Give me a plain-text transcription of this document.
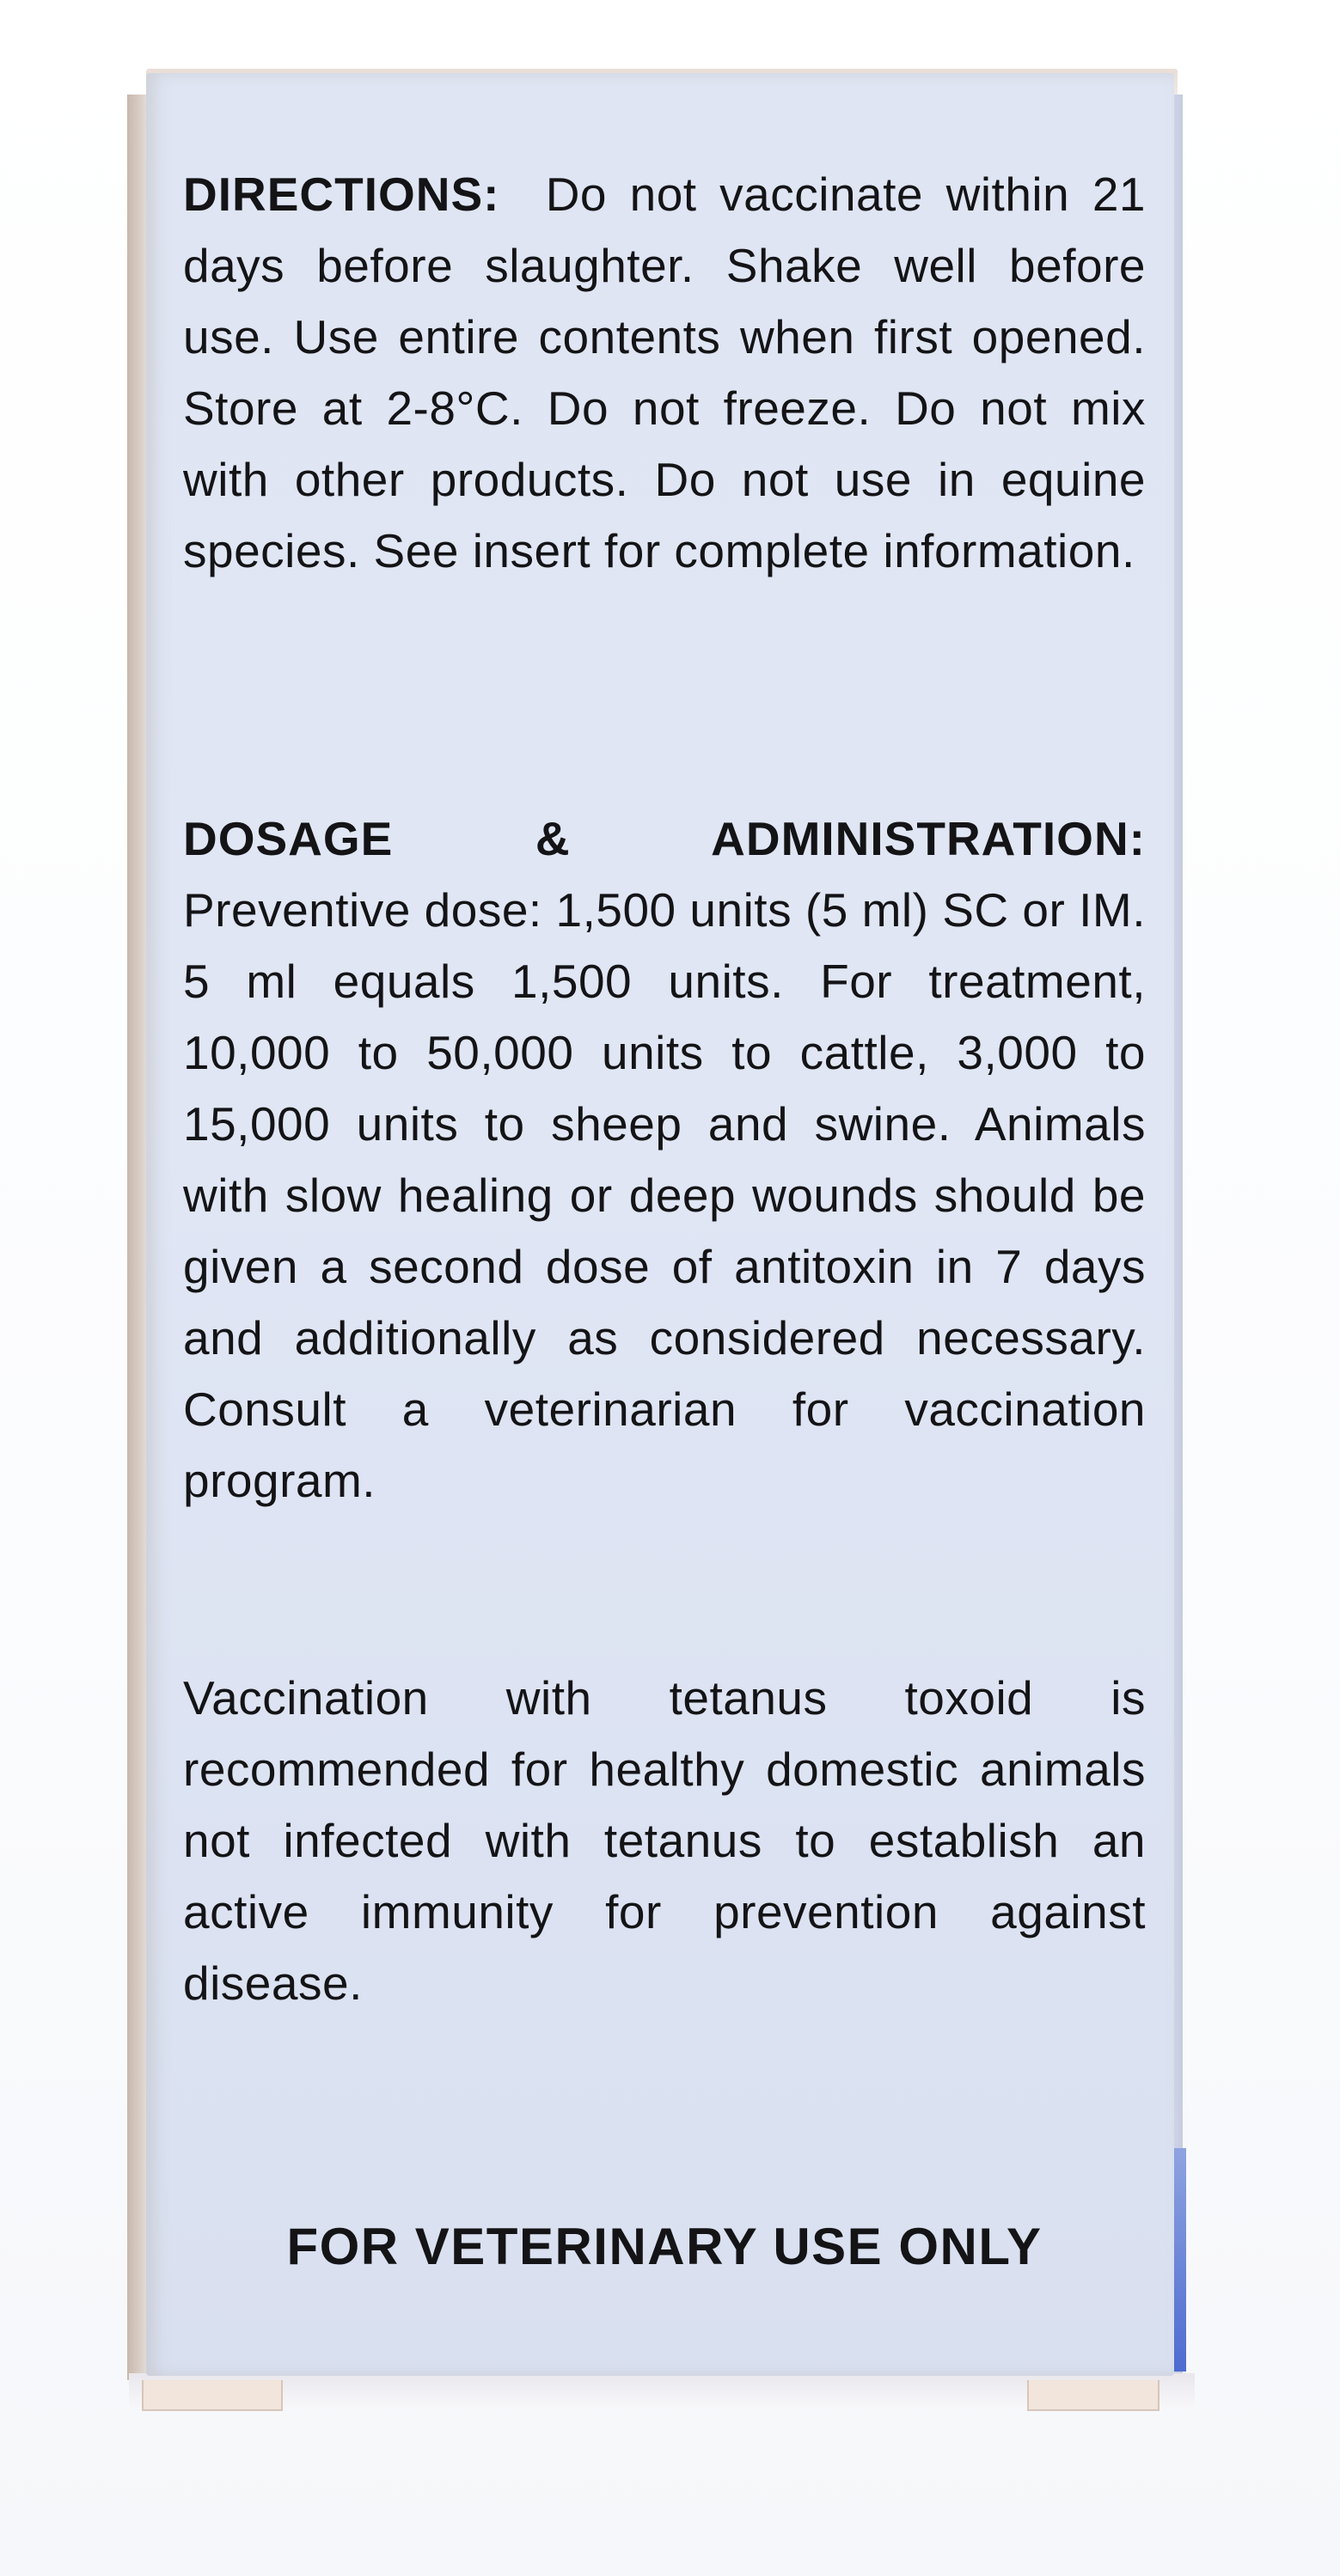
DIRECTIONS: Do not vaccinate within 21 days before slaughter. Shake well before use. Use entire contents when first opened. Store at 2-8°C. Do not freeze. Do not mix with other products. Do not use in equine species. See insert for complete information.
DOSAGE & ADMINISTRATION:
Preventive dose: 1,500 units (5 ml) SC or IM. 5 ml equals 1,500 units. For treatment, 10,000 to 50,000 units to cattle, 3,000 to 15,000 units to sheep and swine. Animals with slow healing or deep wounds should be given a second dose of antitoxin in 7 days and additionally as considered necessary. Consult a veterinarian for vaccination program.
Vaccination with tetanus toxoid is recommended for healthy domestic animals not infected with tetanus to establish an active immunity for prevention against disease.
FOR VETERINARY USE ONLY
